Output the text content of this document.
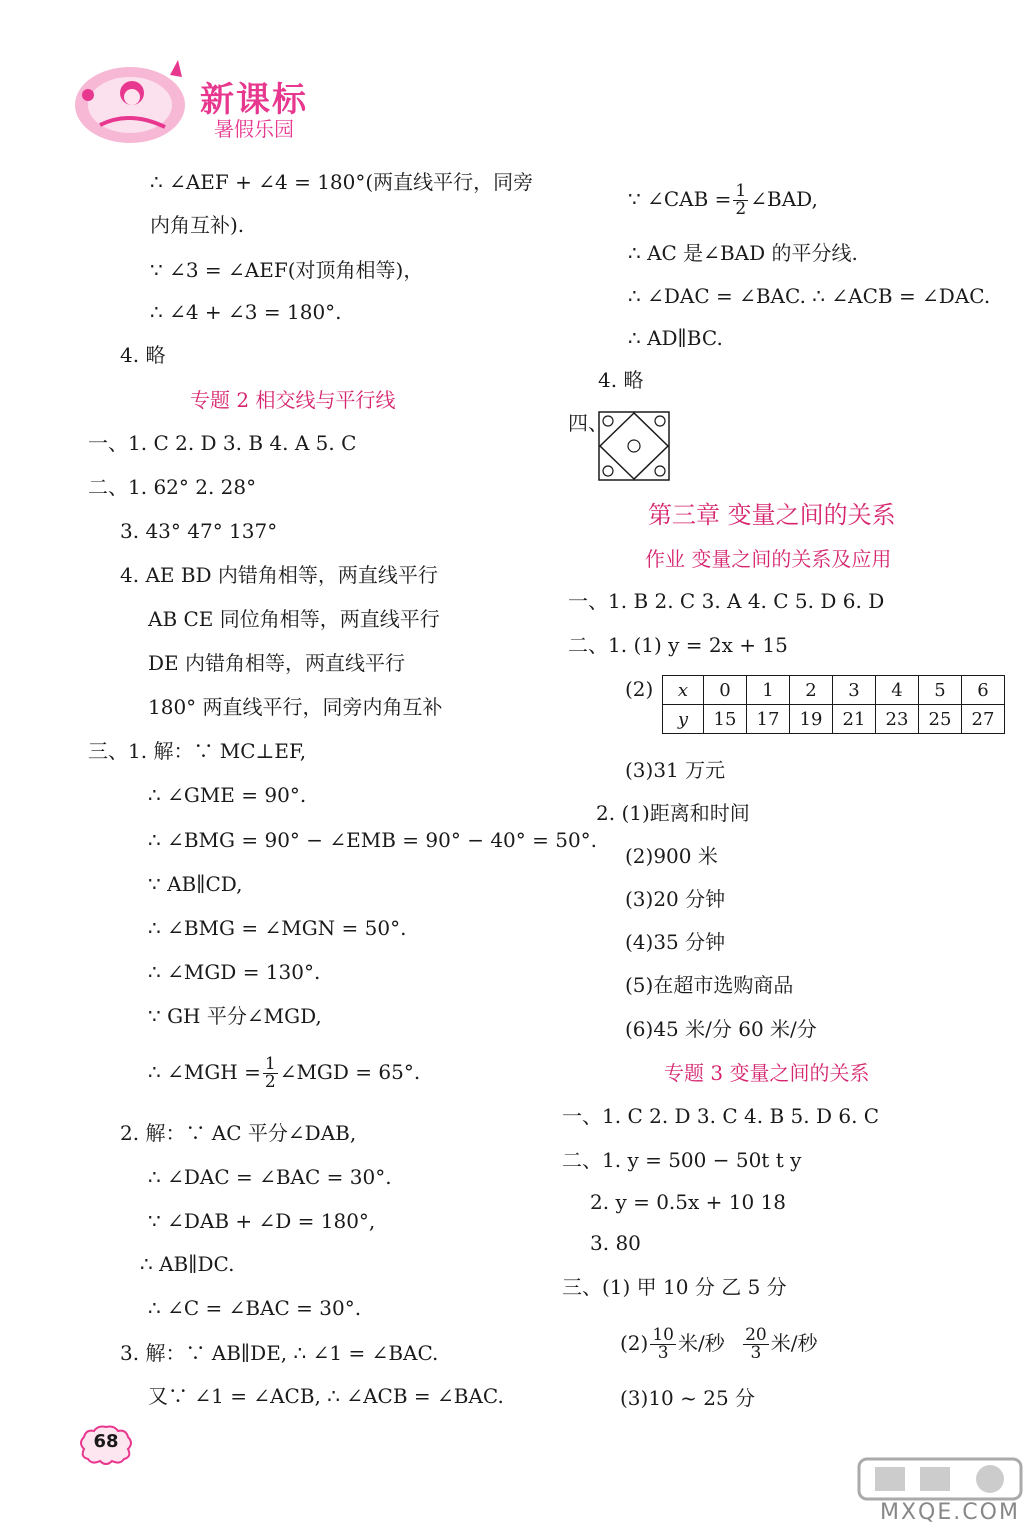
新课标
暑假乐园
∴ ∠AEF + ∠4 = 180°(两直线平行，同旁
内角互补).
∵ ∠3 = ∠AEF(对顶角相等)，
∴ ∠4 + ∠3 = 180°.
4. 略
专题 2 相交线与平行线
一、1. C 2. D 3. B 4. A 5. C
二、1. 62° 2. 28°
3. 43° 47° 137°
4. AE BD 内错角相等，两直线平行
AB CE 同位角相等，两直线平行
DE 内错角相等，两直线平行
180° 两直线平行，同旁内角互补
三、1. 解：∵ MC⊥EF,
∴ ∠GME = 90°.
∴ ∠BMG = 90° − ∠EMB = 90° − 40° = 50°.
∵ AB∥CD,
∴ ∠BMG = ∠MGN = 50°.
∴ ∠MGD = 130°.
∵ GH 平分∠MGD,
∴ ∠MGH = $\frac{1}{2}$ ∠MGD = 65°.
2. 解：∵ AC 平分∠DAB,
∴ ∠DAC = ∠BAC = 30°.
∵ ∠DAB + ∠D = 180°,
∴ AB∥DC.
∴ ∠C = ∠BAC = 30°.
3. 解：∵ AB∥DE, ∴ ∠1 = ∠BAC.
又∵ ∠1 = ∠ACB, ∴ ∠ACB = ∠BAC.
∵ ∠CAB = $\frac{1}{2}$ ∠BAD,
∴ AC 是∠BAD 的平分线.
∴ ∠DAC = ∠BAC. ∴ ∠ACB = ∠DAC.
∴ AD∥BC.
4. 略
四、
第三章 变量之间的关系
作业 变量之间的关系及应用
一、1. B 2. C 3. A 4. C 5. D 6. D
二、1. (1) y = 2x + 15
(2) x	0	1	2	3	4	5	6
y	15	17	19	21	23	25	27
(3)31 万元
2. (1)距离和时间
(2)900 米
(3)20 分钟
(4)35 分钟
(5)在超市选购商品
(6)45 米/分 60 米/分
专题 3 变量之间的关系
一、1. C 2. D 3. C 4. B 5. D 6. C
二、1. y = 500 − 50t t y
2. y = 0.5x + 10 18
3. 80
三、(1) 甲 10 分 乙 5 分
$(2) \frac{10}{3}$ 米/秒 $\frac{20}{3}$ 米/秒
(3)10 ~ 25 分
68
MXQE.COM
